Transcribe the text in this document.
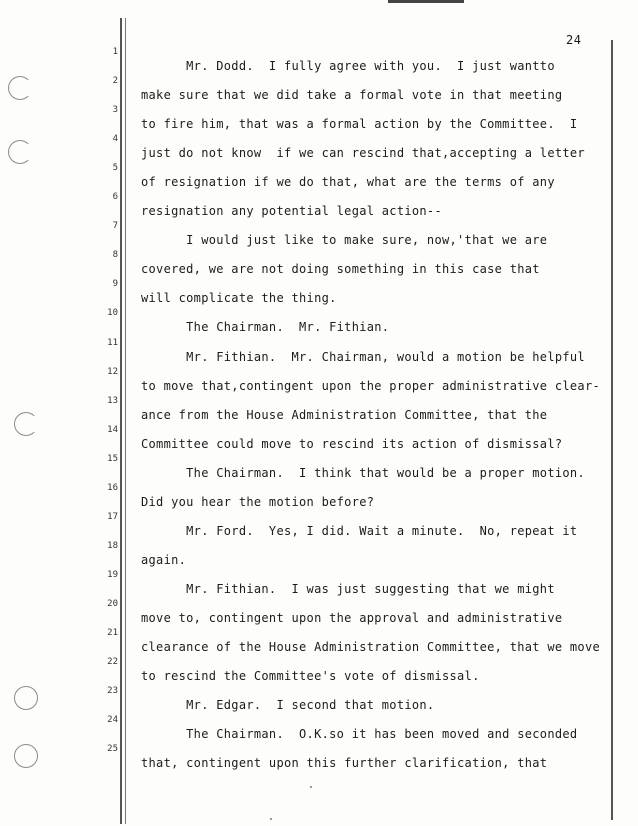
24
1
2
3
4
5
6
7
8
9
10
11
12
13
14
15
16
17
18
19
20
21
22
23
24
25
Mr. Dodd.  I fully agree with you.  I just wantto
make sure that we did take a formal vote in that meeting
to fire him, that was a formal action by the Committee.  I
just do not know  if we can rescind that,accepting a letter
of resignation if we do that, what are the terms of any
resignation any potential legal action--
I would just like to make sure, now,'that we are
covered, we are not doing something in this case that
will complicate the thing.
The Chairman.  Mr. Fithian.
Mr. Fithian.  Mr. Chairman, would a motion be helpful
to move that,contingent upon the proper administrative clear-
ance from the House Administration Committee, that the
Committee could move to rescind its action of dismissal?
The Chairman.  I think that would be a proper motion.
Did you hear the motion before?
Mr. Ford.  Yes, I did. Wait a minute.  No, repeat it
again.
Mr. Fithian.  I was just suggesting that we might
move to, contingent upon the approval and administrative
clearance of the House Administration Committee, that we move
to rescind the Committee's vote of dismissal.
Mr. Edgar.  I second that motion.
The Chairman.  O.K.so it has been moved and seconded
that, contingent upon this further clarification, that
